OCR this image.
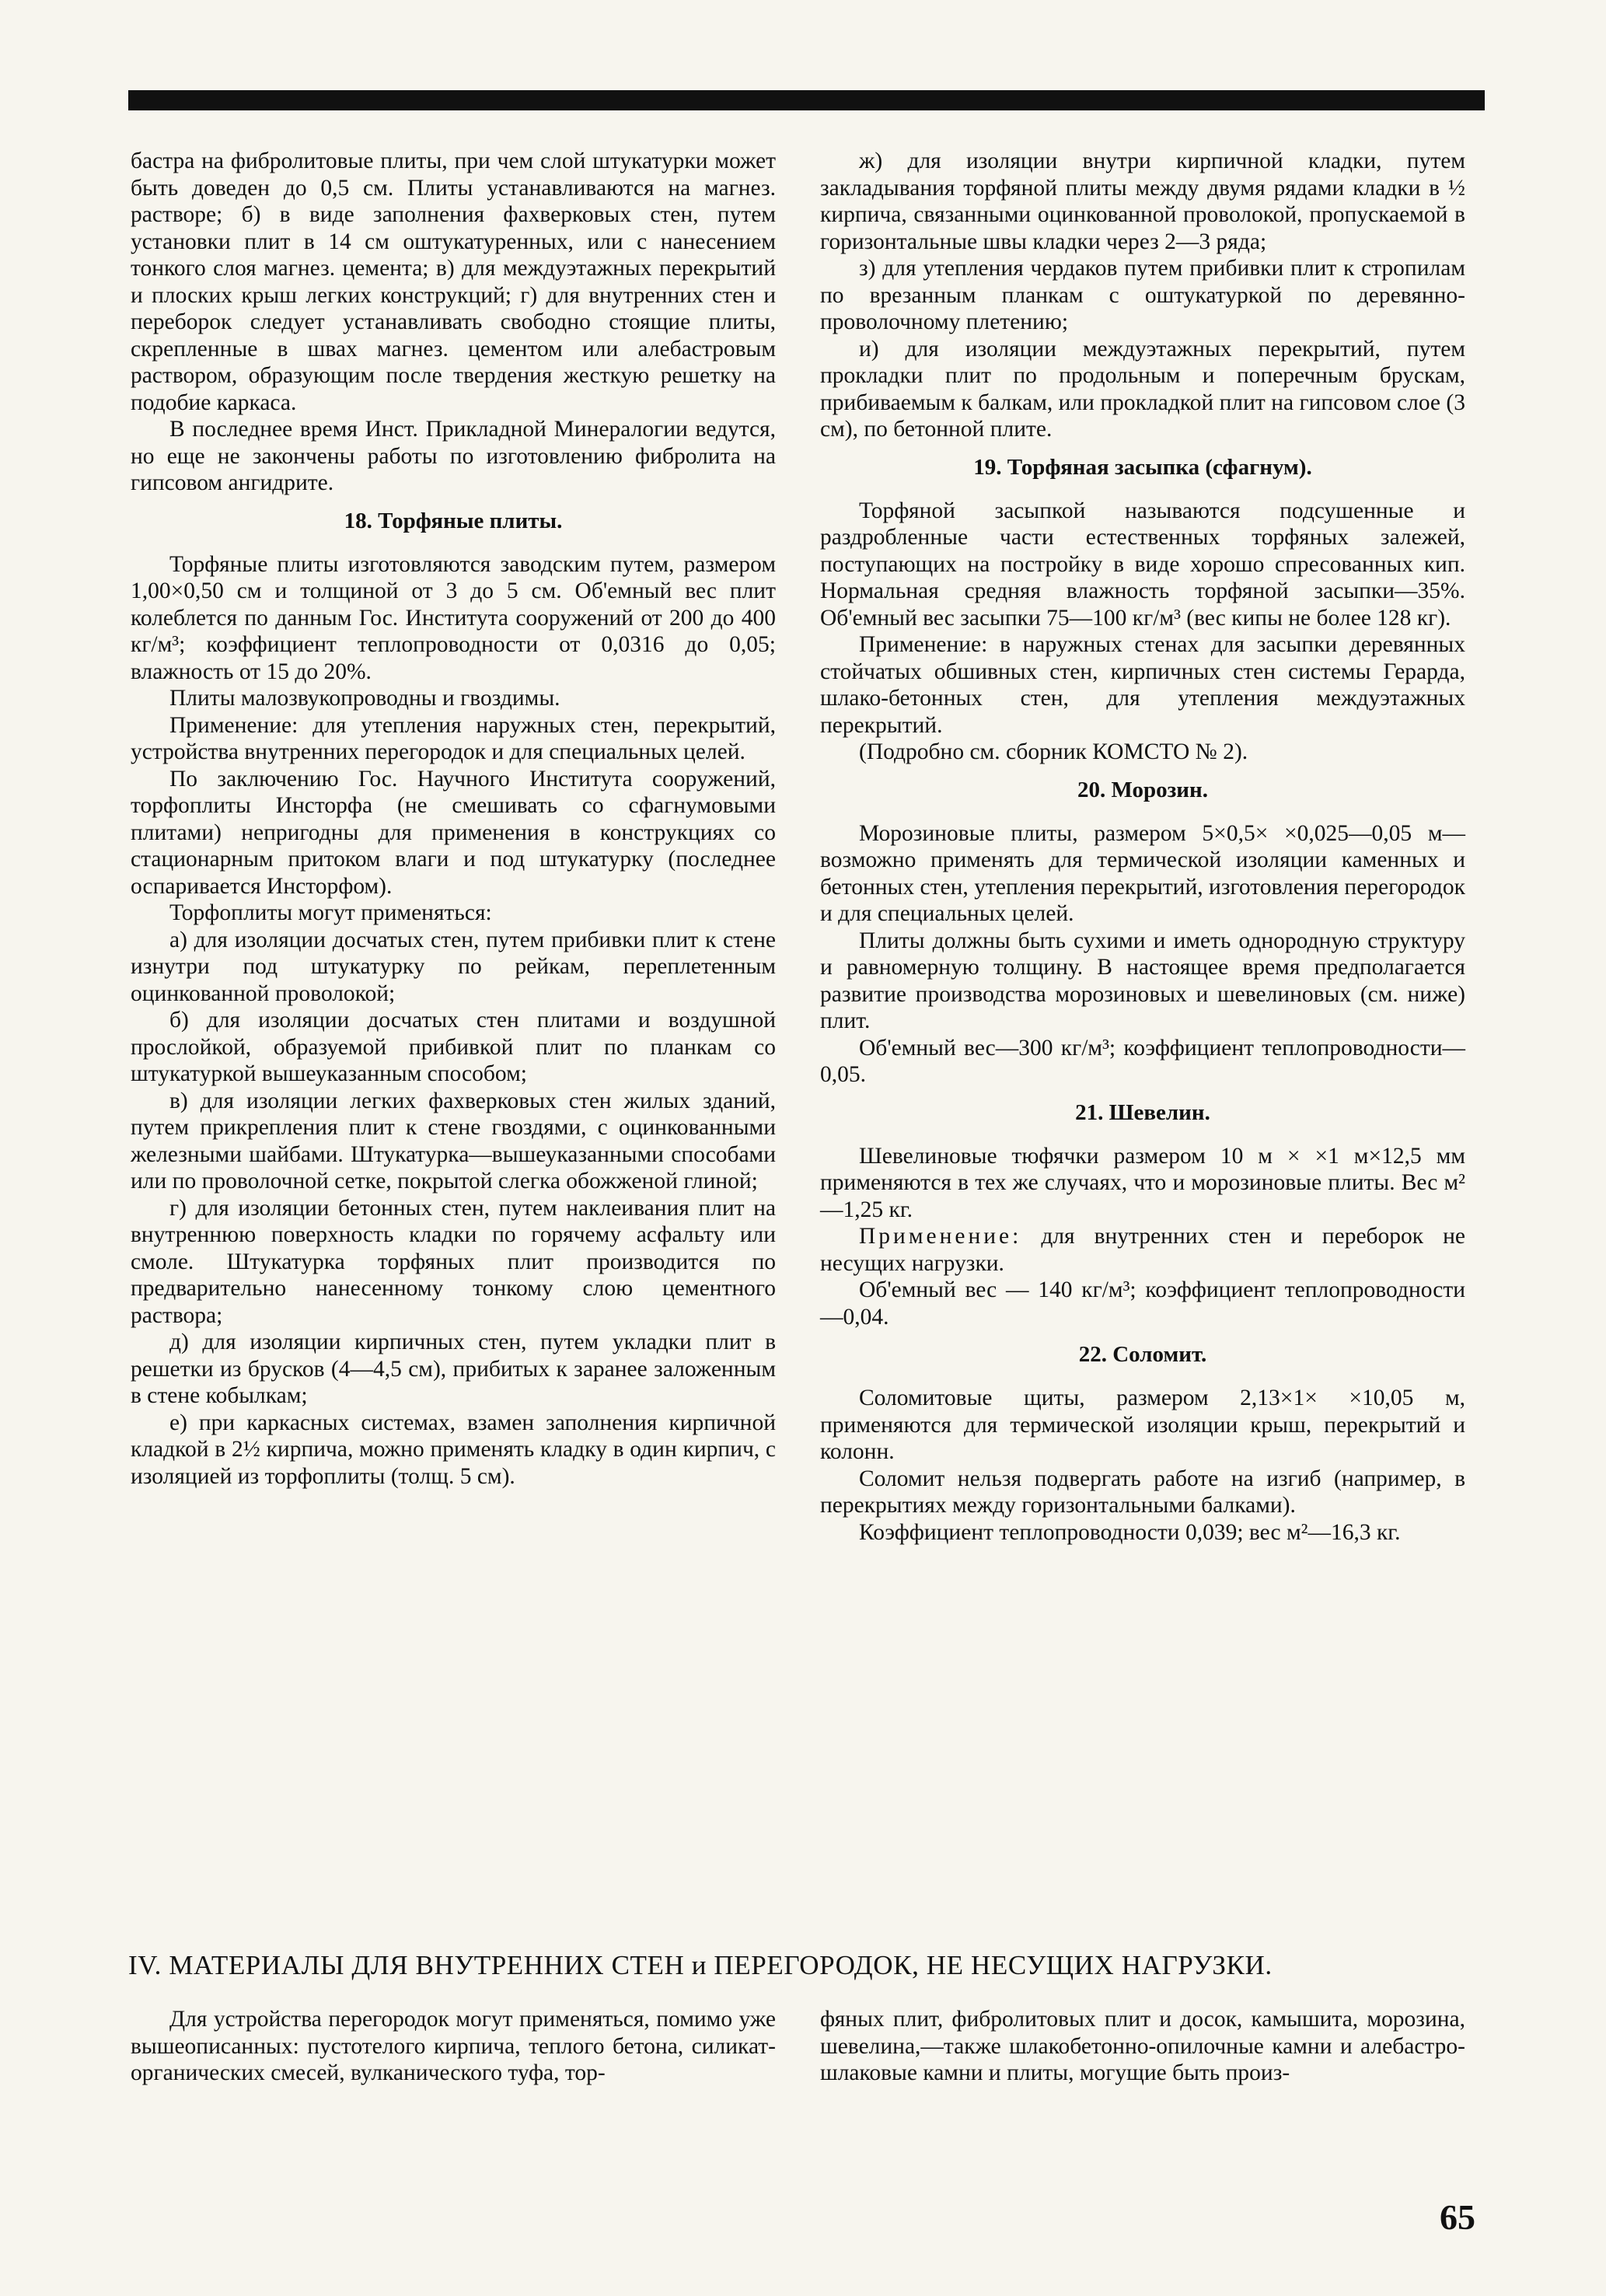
бастра на фибролитовые плиты, при чем слой штукатурки может быть доведен до 0,5 см. Плиты устанавливаются на магнез. растворе; б) в виде заполнения фахверковых стен, путем установки плит в 14 см оштукатуренных, или с нанесением тонкого слоя магнез. цемента; в) для междуэтажных перекрытий и плоских крыш легких конструкций; г) для внутренних стен и переборок следует устанавливать свободно стоящие плиты, скрепленные в швах магнез. цементом или алебастровым раствором, образующим после твердения жесткую решетку на подобие каркаса.

В последнее время Инст. Прикладной Минералогии ведутся, но еще не закончены работы по изготовлению фибролита на гипсовом ангидрите.

18. Торфяные плиты.

Торфяные плиты изготовляются заводским путем, размером 1,00×0,50 см и толщиной от 3 до 5 см. Об'емный вес плит колеблется по данным Гос. Института сооружений от 200 до 400 кг/м³; коэффициент теплопроводности от 0,0316 до 0,05; влажность от 15 до 20%.

Плиты малозвукопроводны и гвоздимы.

Применение: для утепления наружных стен, перекрытий, устройства внутренних перегородок и для специальных целей.

По заключению Гос. Научного Института сооружений, торфоплиты Инсторфа (не смешивать со сфагнумовыми плитами) непригодны для применения в конструкциях со стационарным притоком влаги и под штукатурку (последнее оспаривается Инсторфом).

Торфоплиты могут применяться:

а) для изоляции досчатых стен, путем прибивки плит к стене изнутри под штукатурку по рейкам, переплетенным оцинкованной проволокой;

б) для изоляции досчатых стен плитами и воздушной прослойкой, образуемой прибивкой плит по планкам со штукатуркой вышеуказанным способом;

в) для изоляции легких фахверковых стен жилых зданий, путем прикрепления плит к стене гвоздями, с оцинкованными железными шайбами. Штукатурка—вышеуказанными способами или по проволочной сетке, покрытой слегка обожженой глиной;

г) для изоляции бетонных стен, путем наклеивания плит на внутреннюю поверхность кладки по горячему асфальту или смоле. Штукатурка торфяных плит производится по предварительно нанесенному тонкому слою цементного раствора;

д) для изоляции кирпичных стен, путем укладки плит в решетки из брусков (4—4,5 см), прибитых к заранее заложенным в стене кобылкам;

е) при каркасных системах, взамен заполнения кирпичной кладкой в 2½ кирпича, можно применять кладку в один кирпич, с изоляцией из торфоплиты (толщ. 5 см).

ж) для изоляции внутри кирпичной кладки, путем закладывания торфяной плиты между двумя рядами кладки в ½ кирпича, связанными оцинкованной проволокой, пропускаемой в горизонтальные швы кладки через 2—3 ряда;

з) для утепления чердаков путем прибивки плит к стропилам по врезанным планкам с оштукатуркой по деревянно-проволочному плетению;

и) для изоляции междуэтажных перекрытий, путем прокладки плит по продольным и поперечным брускам, прибиваемым к балкам, или прокладкой плит на гипсовом слое (3 см), по бетонной плите.

19. Торфяная засыпка (сфагнум).

Торфяной засыпкой называются подсушенные и раздробленные части естественных торфяных залежей, поступающих на постройку в виде хорошо спресованных кип. Нормальная средняя влажность торфяной засыпки—35%. Об'емный вес засыпки 75—100 кг/м³ (вес кипы не более 128 кг).

Применение: в наружных стенах для засыпки деревянных стойчатых обшивных стен, кирпичных стен системы Герарда, шлако-бетонных стен, для утепления междуэтажных перекрытий.

(Подробно см. сборник КОМСТО № 2).

20. Морозин.

Морозиновые плиты, размером 5×0,5× ×0,025—0,05 м—возможно применять для термической изоляции каменных и бетонных стен, утепления перекрытий, изготовления перегородок и для специальных целей.

Плиты должны быть сухими и иметь однородную структуру и равномерную толщину. В настоящее время предполагается развитие производства морозиновых и шевелиновых (см. ниже) плит.

Об'емный вес—300 кг/м³; коэффициент теплопроводности—0,05.

21. Шевелин.

Шевелиновые тюфячки размером 10 м × ×1 м×12,5 мм применяются в тех же случаях, что и морозиновые плиты. Вес м²—1,25 кг.

Применение: для внутренних стен и переборок не несущих нагрузки.

Об'емный вес — 140 кг/м³; коэффициент теплопроводности—0,04.

22. Соломит.

Соломитовые щиты, размером 2,13×1× ×10,05 м, применяются для термической изоляции крыш, перекрытий и колонн.

Соломит нельзя подвергать работе на изгиб (например, в перекрытиях между горизонтальными балками).

Коэффициент теплопроводности 0,039; вес м²—16,3 кг.

IV. МАТЕРИАЛЫ ДЛЯ ВНУТРЕННИХ СТЕН и ПЕРЕГОРОДОК, НЕ НЕСУЩИХ НАГРУЗКИ.

Для устройства перегородок могут применяться, помимо уже вышеописанных: пустотелого кирпича, теплого бетона, силикат-органических смесей, вулканического туфа, тор-

фяных плит, фибролитовых плит и досок, камышита, морозина, шевелина,—также шлакобетонно-опилочные камни и алебастро-шлаковые камни и плиты, могущие быть произ-

65
